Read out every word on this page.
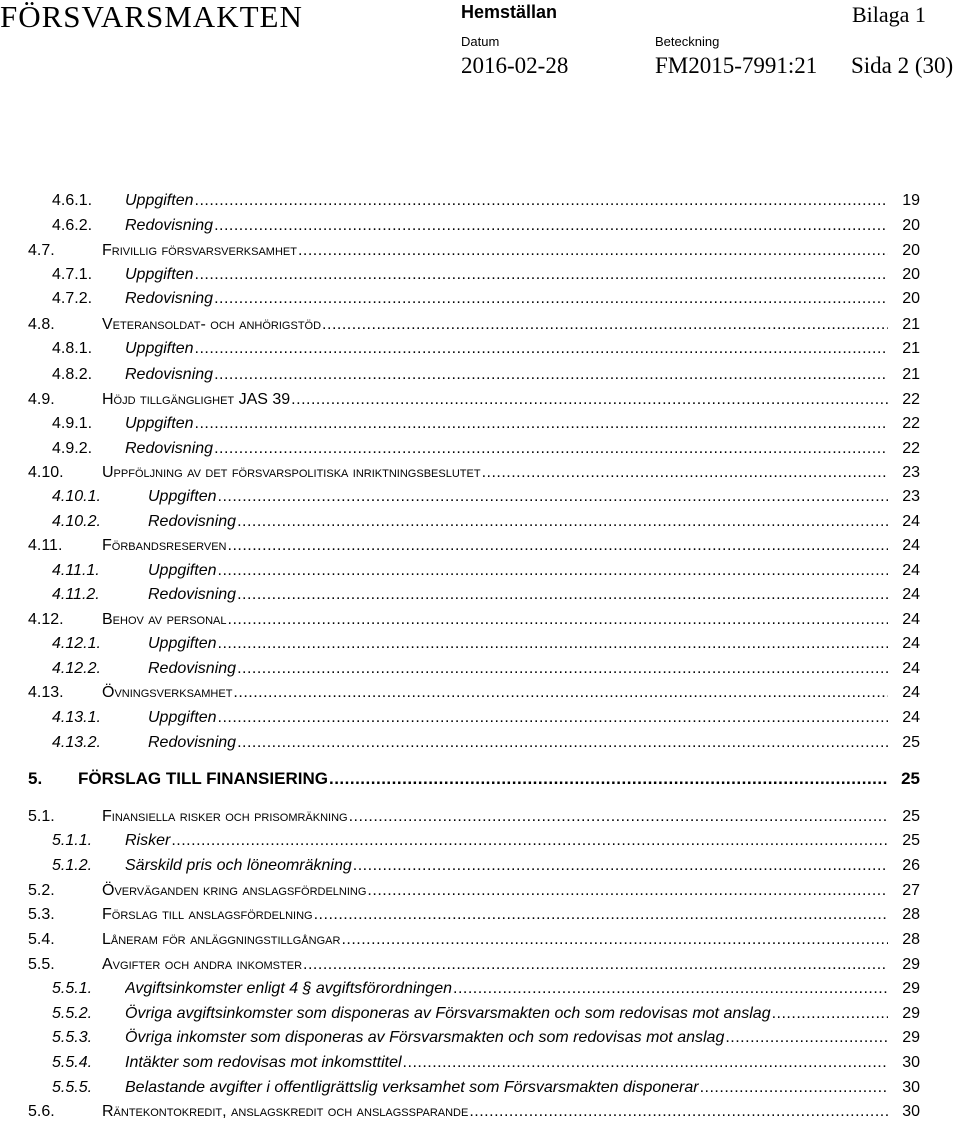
FÖRSVARSMAKTEN	Hemställan	Bilaga 1
Datum	Beteckning
2016-02-28	FM2015-7991:21 Sida 2 (30)
4.6.1. Uppgiften .....	19
4.6.2. Redovisning .....	20
4.7.	Frivillig försvarsverksamhet .....	20
4.7.1. Uppgiften .....	20
4.7.2. Redovisning .....	20
4.8.	Veteransoldat- och anhörigstöd .....	21
4.8.1. Uppgiften .....	21
4.8.2. Redovisning .....	21
4.9.	Höjd tillgänglighet JAS 39 .....	22
4.9.1. Uppgiften .....	22
4.9.2. Redovisning .....	22
4.10. Uppföljning av det försvarspolitiska inriktningsbeslutet .....	23
4.10.1.	Uppgiften .....	23
4.10.2.	Redovisning .....	24
4.11. Förbandsreserven .....	24
4.11.1.	Uppgiften .....	24
4.11.2.	Redovisning .....	24
4.12. Behov av personal .....	24
4.12.1.	Uppgiften .....	24
4.12.2.	Redovisning .....	24
4.13. Övningsverksamhet .....	24
4.13.1.	Uppgiften .....	24
4.13.2.	Redovisning .....	25
5. FÖRSLAG TILL FINANSIERING .....	25
5.1.	Finansiella risker och prisomräkning .....	25
5.1.1. Risker .....	25
5.1.2. Särskild pris och löneomräkning .....	26
5.2.	Överväganden kring anslagsfördelning .....	27
5.3.	Förslag till anslagsfördelning .....	28
5.4.	Låneram för anläggningstillgångar .....	28
5.5.	Avgifter och andra inkomster .....	29
5.5.1. Avgiftsinkomster enligt 4 § avgiftsförordningen .....	29
5.5.2. Övriga avgiftsinkomster som disponeras av Försvarsmakten och som redovisas mot anslag .....	29
5.5.3. Övriga inkomster som disponeras av Försvarsmakten och som redovisas mot anslag .....	29
5.5.4. Intäkter som redovisas mot inkomsttitel .....	30
5.5.5. Belastande avgifter i offentligrättslig verksamhet som Försvarsmakten disponerar .....	30
5.6.	Räntekontokredit, anslagskredit och anslagssparande .....	30
